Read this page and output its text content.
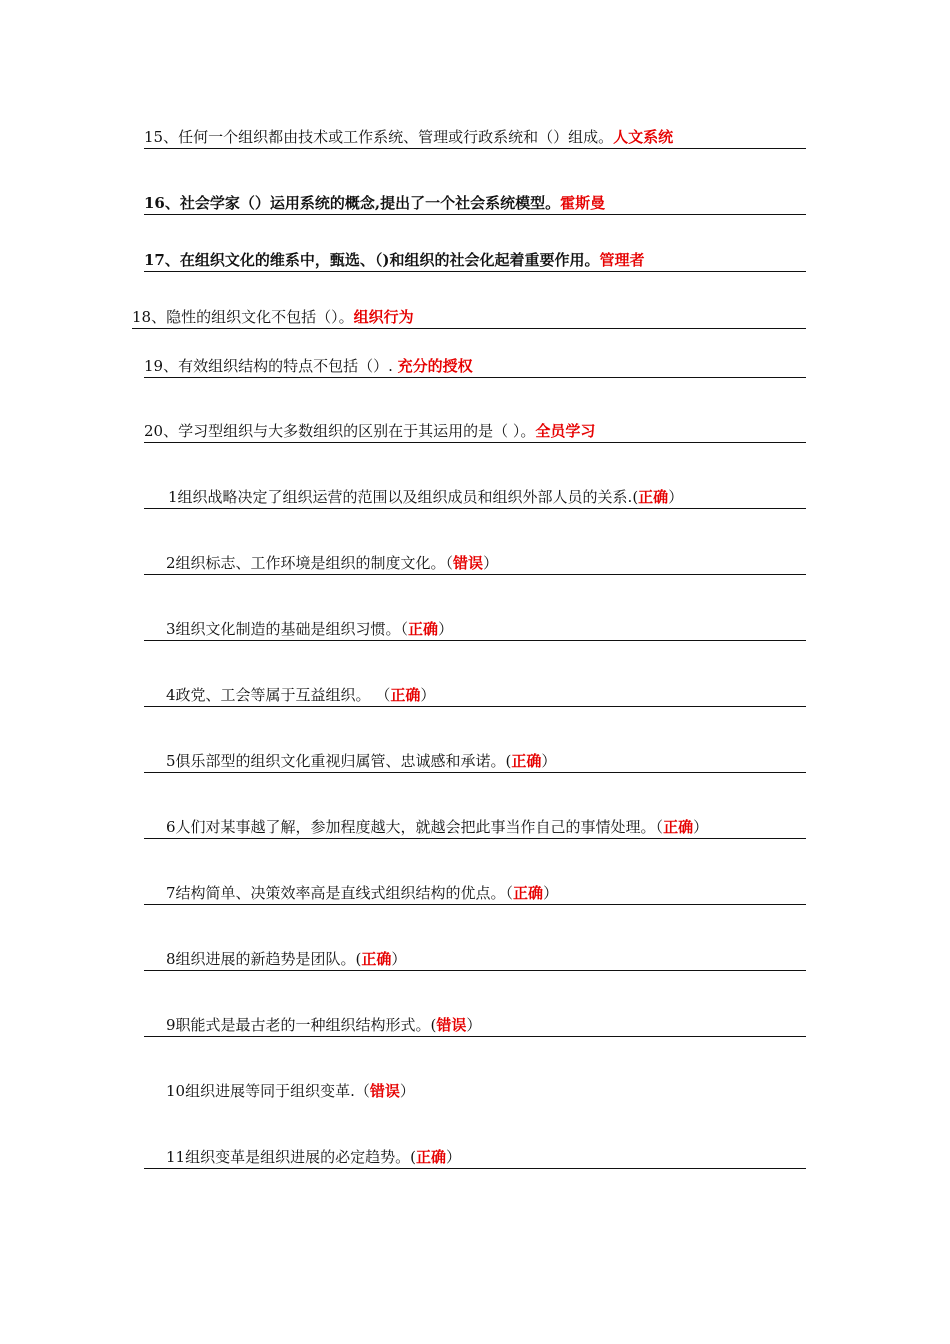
15、任何一个组织都由技术或工作系统、管理或行政系统和（）组成。人文系统
16、社会学家（）运用系统的概念,提出了一个社会系统模型。霍斯曼
17、在组织文化的维系中，甄选、（)和组织的社会化起着重要作用。管理者
18、隐性的组织文化不包括（）。组织行为
19、有效组织结构的特点不包括（）. 充分的授权
20、学习型组织与大多数组织的区别在于其运用的是（ ）。全员学习
1组织战略决定了组织运营的范围以及组织成员和组织外部人员的关系.(正确）
2组织标志、工作环境是组织的制度文化。（错误）
3组织文化制造的基础是组织习惯。（正确）
4政党、工会等属于互益组织。 （正确）
5俱乐部型的组织文化重视归属管、忠诚感和承诺。(正确）
6人们对某事越了解，参加程度越大，就越会把此事当作自己的事情处理。（正确）
7结构简单、决策效率高是直线式组织结构的优点。（正确）
8组织进展的新趋势是团队。(正确）
9职能式是最古老的一种组织结构形式。(错误）
10组织进展等同于组织变革.（错误）
11组织变革是组织进展的必定趋势。(正确）
